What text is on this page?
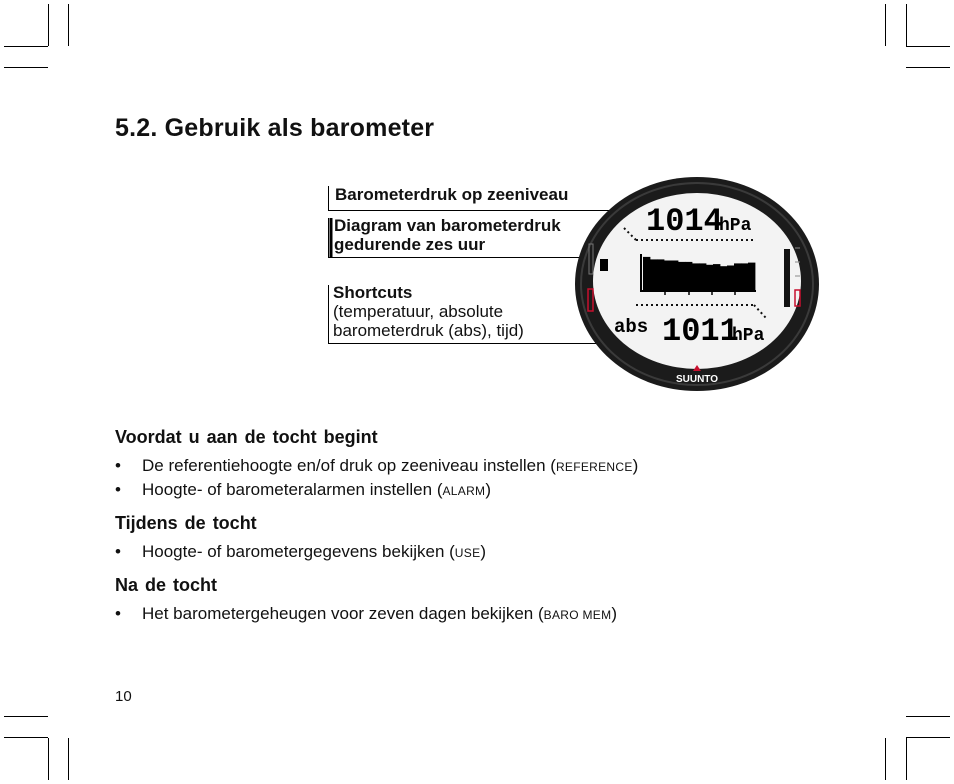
5.2. Gebruik als barometer
1014
hPa
abs 1011
hPa
SUUNTO
Barometerdruk op zeeniveau
Diagram van barometerdruk
gedurende zes uur
Shortcuts
(temperatuur, absolute
barometerdruk (abs), tijd)
Voordat u aan de tocht begint
• De referentiehoogte en/of druk op zeeniveau instellen (REFERENCE)
• Hoogte- of barometeralarmen instellen (ALARM)
Tijdens de tocht
• Hoogte- of barometergegevens bekijken (USE)
Na de tocht
• Het barometergeheugen voor zeven dagen bekijken (BARO MEM)
10
